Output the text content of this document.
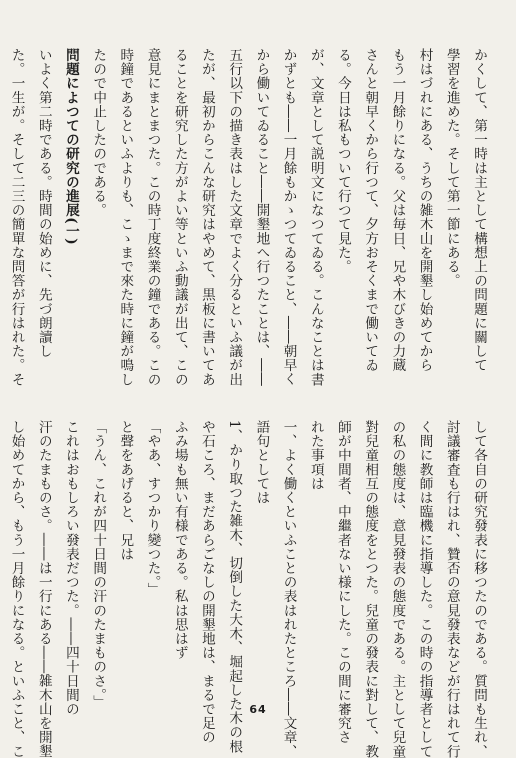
かくして、第一時は主として構想上の問題に關して
學習を進めた。そして第一節にある。
村はづれにある、うちの雑木山を開墾し始めてから
もう一月餘りになる。父は毎日、兄や木びきの力蔵
さんと朝早くから行つて、夕方おそくまで働いてゐ
る。今日は私もついて行つて見た。
が、文章として説明文になつてゐる。こんなことは書
かずとも――一月餘もかゝつてゐること、――朝早く
から働いてゐること――開墾地へ行つたことは、――
五行以下の描き表はした文章でよく分るといふ議が出
たが、最初からこんな研究はやめて、黒板に書いてあ
ることを研究した方がよい等といふ動議が出て、この
意見にまとまつた。この時丁度終業の鐘である。この
時鐘であるといふよりも、こゝまで來た時に鐘が鳴し
たので中止したのである。
問題によつての研究の進展(一)
いよく第二時である。時間の始めに、先づ朗讀し
た。一生が。そして二三の簡單な問答が行はれた。そ
して各自の研究發表に移つたのである。質問も生れ、
討議審査も行はれ、贊否の意見發表などが行はれて行
く間に教師は臨機に指導した。この時の指導者として
の私の態度は、意見發表の態度である。主として兒童
對兒童相互の態度をとつた。兒童の發表に對して、教
師が中間者、中繼者ない様にした。この間に審究さ
れた事項は
一、よく働くといふことの表はれたところ――文章、
語句としては
1、かり取つた雑木、切倒した大木、堀起した木の根
や石ころ、まだあらごなしの開墾地は、まるで足の
ふみ場も無い有様である。私は思はず
「やあ、すつかり變つた。」
と聲をあげると、兄は
「うん、これが四十日間の汗のたまものさ。」
これはおもしろい發表だつた。――四十日間の
汗のたまものさ。――は一行にある――雑木山を開墾
し始めてから、もう一月餘りになる。といふこと、こ	64
